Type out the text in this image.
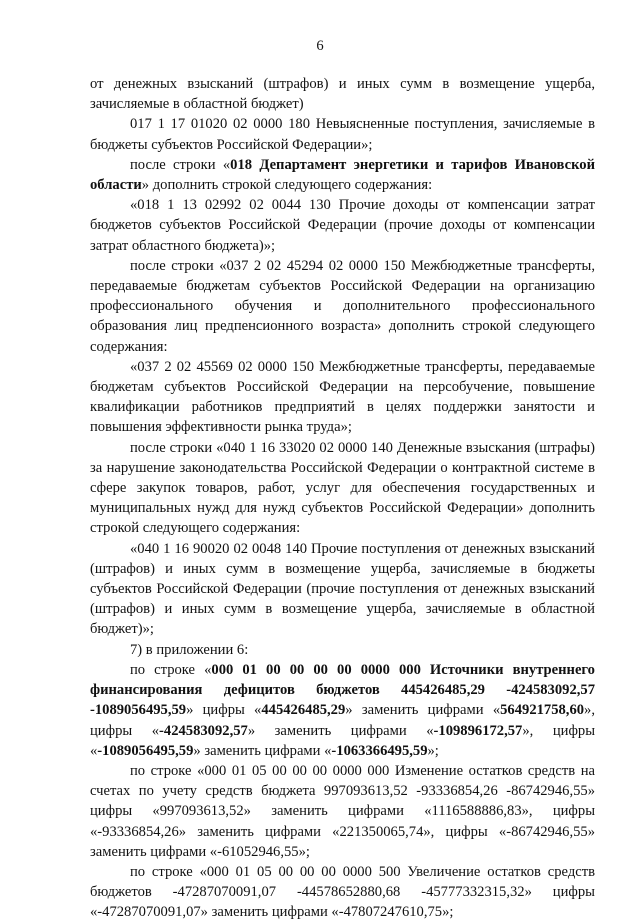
6

от денежных взысканий (штрафов) и иных сумм в возмещение ущерба, зачисляемые в областной бюджет)

017 1 17 01020 02 0000 180 Невыясненные поступления, зачисляемые в бюджеты субъектов Российской Федерации»;

после строки «018 Департамент энергетики и тарифов Ивановской области» дополнить строкой следующего содержания:

«018 1 13 02992 02 0044 130 Прочие доходы от компенсации затрат бюджетов субъектов Российской Федерации (прочие доходы от компенсации затрат областного бюджета)»;

после строки «037 2 02 45294 02 0000 150 Межбюджетные трансферты, передаваемые бюджетам субъектов Российской Федерации на организацию профессионального обучения и дополнительного профессионального образования лиц предпенсионного возраста» дополнить строкой следующего содержания:

«037 2 02 45569 02 0000 150 Межбюджетные трансферты, передаваемые бюджетам субъектов Российской Федерации на персобучение, повышение квалификации работников предприятий в целях поддержки занятости и повышения эффективности рынка труда»;

после строки «040 1 16 33020 02 0000 140 Денежные взыскания (штрафы) за нарушение законодательства Российской Федерации о контрактной системе в сфере закупок товаров, работ, услуг для обеспечения государственных и муниципальных нужд для нужд субъектов Российской Федерации» дополнить строкой следующего содержания:

«040 1 16 90020 02 0048 140 Прочие поступления от денежных взысканий (штрафов) и иных сумм в возмещение ущерба, зачисляемые в бюджеты субъектов Российской Федерации (прочие поступления от денежных взысканий (штрафов) и иных сумм в возмещение ущерба, зачисляемые в областной бюджет)»;

7) в приложении 6:

по строке «000 01 00 00 00 00 0000 000 Источники внутреннего финансирования дефицитов бюджетов 445426485,29 -424583092,57 -1089056495,59» цифры «445426485,29» заменить цифрами «564921758,60», цифры «-424583092,57» заменить цифрами «-109896172,57», цифры «-1089056495,59» заменить цифрами «-1063366495,59»;

по строке «000 01 05 00 00 00 0000 000 Изменение остатков средств на счетах по учету средств бюджета 997093613,52 -93336854,26 -86742946,55» цифры «997093613,52» заменить цифрами «1116588886,83», цифры «-93336854,26» заменить цифрами «221350065,74», цифры «-86742946,55» заменить цифрами «-61052946,55»;

по строке «000 01 05 00 00 00 0000 500 Увеличение остатков средств бюджетов -47287070091,07 -44578652880,68 -45777332315,32» цифры «-47287070091,07» заменить цифрами «-47807247610,75»;
